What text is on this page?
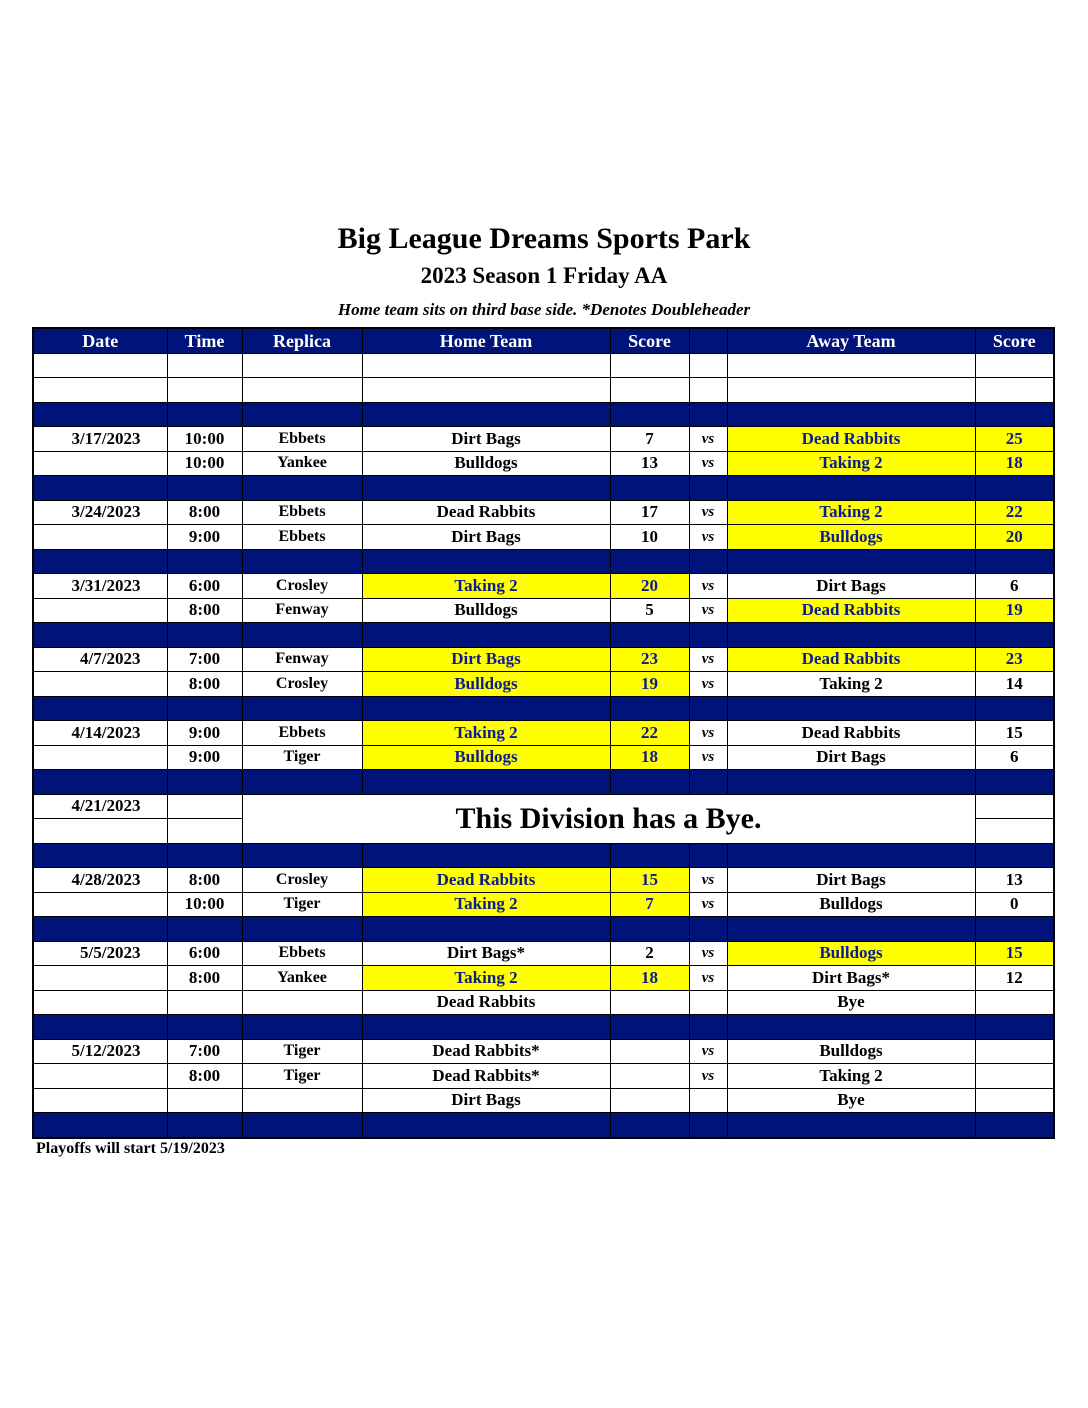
Big League Dreams Sports Park
2023 Season 1 Friday AA
Home team sits on third base side. *Denotes Doubleheader
Date	Time	Replica	Home Team	Score		Away Team	Score

3/17/2023	10:00	Ebbets	Dirt Bags	7	vs	Dead Rabbits	25
	10:00	Yankee	Bulldogs	13	vs	Taking 2	18

3/24/2023	8:00	Ebbets	Dead Rabbits	17	vs	Taking 2	22
	9:00	Ebbets	Dirt Bags	10	vs	Bulldogs	20

3/31/2023	6:00	Crosley	Taking 2	20	vs	Dirt Bags	6
	8:00	Fenway	Bulldogs	5	vs	Dead Rabbits	19

4/7/2023	7:00	Fenway	Dirt Bags	23	vs	Dead Rabbits	23
	8:00	Crosley	Bulldogs	19	vs	Taking 2	14

4/14/2023	9:00	Ebbets	Taking 2	22	vs	Dead Rabbits	15
	9:00	Tiger	Bulldogs	18	vs	Dirt Bags	6

4/21/2023		This Division has a Bye.					

4/28/2023	8:00	Crosley	Dead Rabbits	15	vs	Dirt Bags	13
	10:00	Tiger	Taking 2	7	vs	Bulldogs	0

5/5/2023	6:00	Ebbets	Dirt Bags*	2	vs	Bulldogs	15
	8:00	Yankee	Taking 2	18	vs	Dirt Bags*	12
			Dead Rabbits			Bye	

5/12/2023	7:00	Tiger	Dead Rabbits*		vs	Bulldogs	
	8:00	Tiger	Dead Rabbits*		vs	Taking 2	
			Dirt Bags			Bye	

Playoffs will start 5/19/2023
